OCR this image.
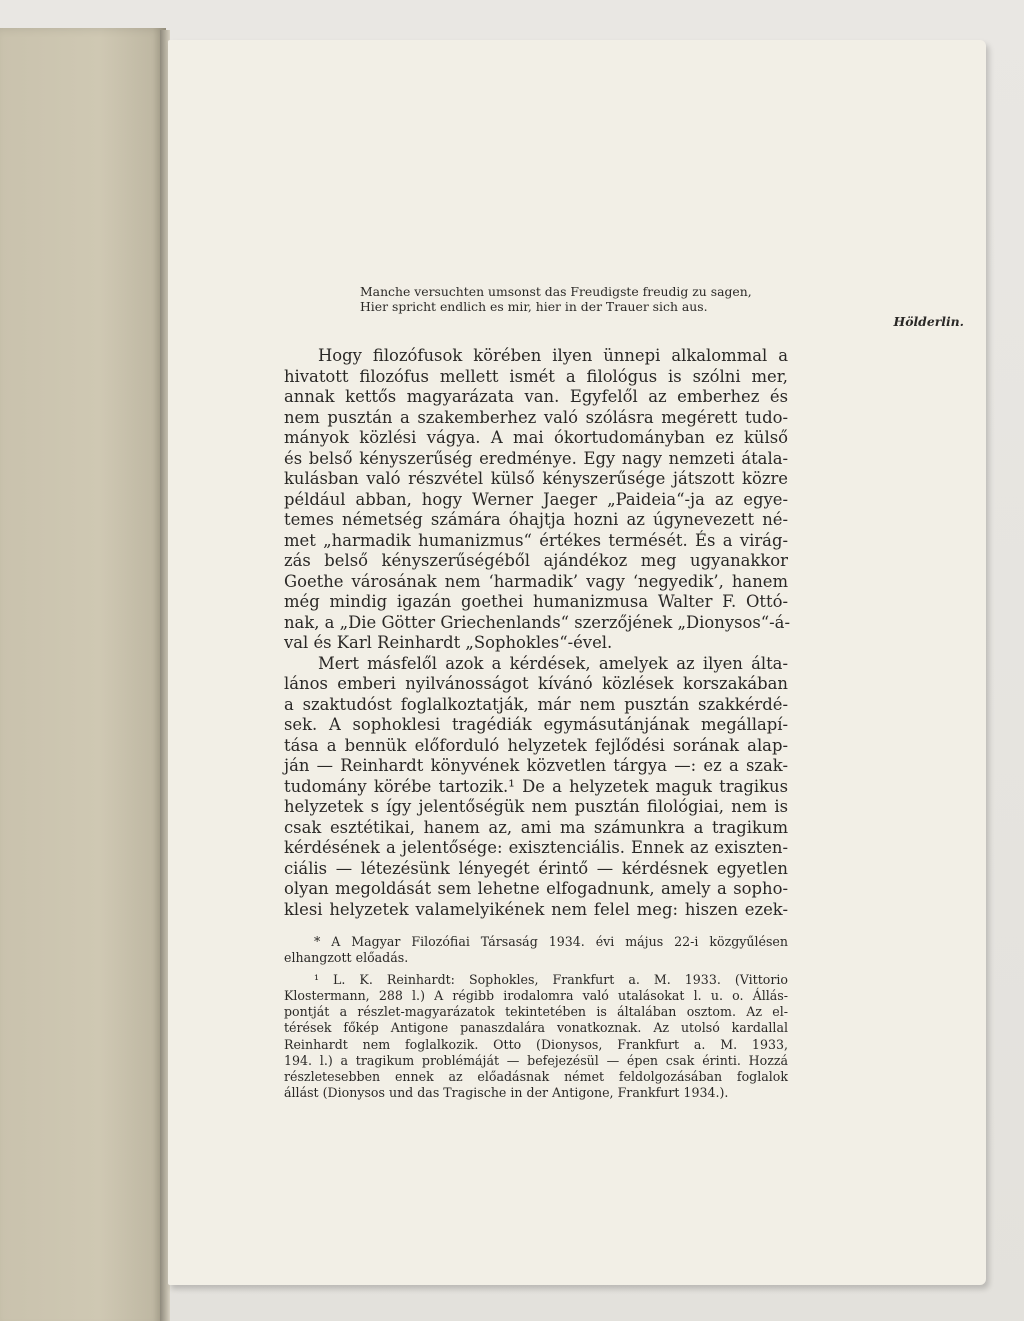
Manche versuchten umsonst das Freudigste freudig zu sagen,
Hier spricht endlich es mir, hier in der Trauer sich aus.
Hölderlin.
Hogy filozófusok körében ilyen ünnepi alkalommal a
hivatott filozófus mellett ismét a filológus is szólni mer,
annak kettős magyarázata van. Egyfelől az emberhez és
nem pusztán a szakemberhez való szólásra megérett tudo-
mányok közlési vágya. A mai ókortudományban ez külső
és belső kényszerűség eredménye. Egy nagy nemzeti átala-
kulásban való részvétel külső kényszerűsége játszott közre
például abban, hogy Werner Jaeger „Paideia“-ja az egye-
temes németség számára óhajtja hozni az úgynevezett né-
met „harmadik humanizmus“ értékes termését. És a virág-
zás belső kényszerűségéből ajándékoz meg ugyanakkor
Goethe városának nem ‘harmadik’ vagy ‘negyedik’, hanem
még mindig igazán goethei humanizmusa Walter F. Ottó-
nak, a „Die Götter Griechenlands“ szerzőjének „Dionysos“-á-
val és Karl Reinhardt „Sophokles“-ével.
Mert másfelől azok a kérdések, amelyek az ilyen álta-
lános emberi nyilvánosságot kívánó közlések korszakában
a szaktudóst foglalkoztatják, már nem pusztán szakkérdé-
sek. A sophoklesi tragédiák egymásutánjának megállapí-
tása a bennük előforduló helyzetek fejlődési sorának alap-
ján — Reinhardt könyvének közvetlen tárgya —: ez a szak-
tudomány körébe tartozik.¹ De a helyzetek maguk tragikus
helyzetek s így jelentőségük nem pusztán filológiai, nem is
csak esztétikai, hanem az, ami ma számunkra a tragikum
kérdésének a jelentősége: exisztenciális. Ennek az exiszten-
ciális — létezésünk lényegét érintő — kérdésnek egyetlen
olyan megoldását sem lehetne elfogadnunk, amely a sopho-
klesi helyzetek valamelyikének nem felel meg: hiszen ezek-
* A Magyar Filozófiai Társaság 1934. évi május 22-i közgyűlésen
elhangzott előadás.
¹ L. K. Reinhardt: Sophokles, Frankfurt a. M. 1933. (Vittorio
Klostermann, 288 l.) A régibb irodalomra való utalásokat l. u. o. Állás-
pontját a részlet-magyarázatok tekintetében is általában osztom. Az el-
térések főkép Antigone panaszdalára vonatkoznak. Az utolsó kardallal
Reinhardt nem foglalkozik. Otto (Dionysos, Frankfurt a. M. 1933,
194. l.) a tragikum problémáját — befejezésül — épen csak érinti. Hozzá
részletesebben ennek az előadásnak német feldolgozásában foglalok
állást (Dionysos und das Tragische in der Antigone, Frankfurt 1934.).
